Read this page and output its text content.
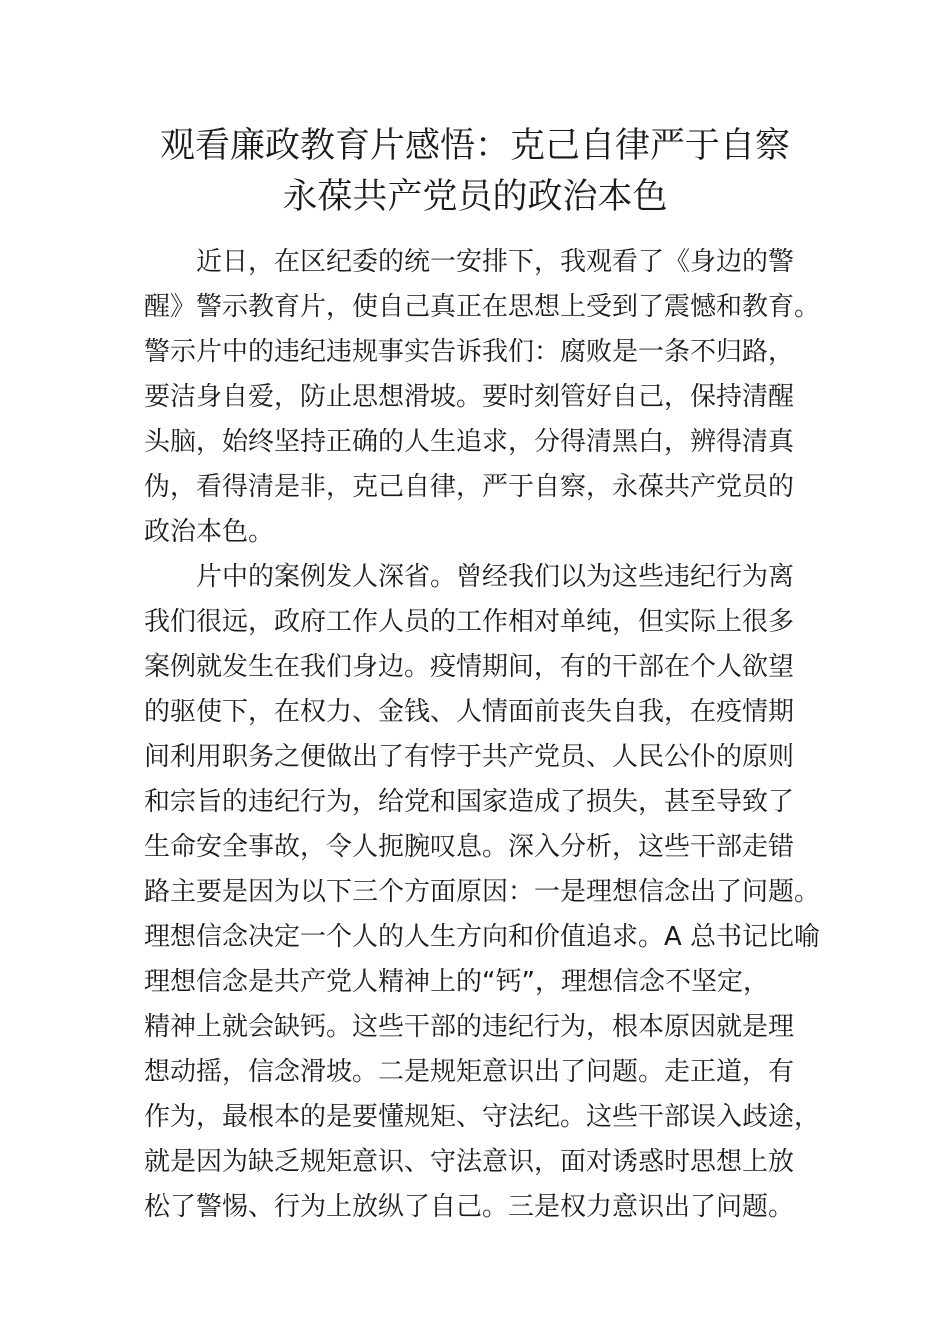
观看廉政教育片感悟：克己自律严于自察
永葆共产党员的政治本色
近日，在区纪委的统一安排下，我观看了《身边的警
醒》警示教育片，使自己真正在思想上受到了震憾和教育。
警示片中的违纪违规事实告诉我们：腐败是一条不归路，
要洁身自爱，防止思想滑坡。要时刻管好自己，保持清醒
头脑，始终坚持正确的人生追求，分得清黑白，辨得清真
伪，看得清是非，克己自律，严于自察，永葆共产党员的
政治本色。
片中的案例发人深省。曾经我们以为这些违纪行为离
我们很远，政府工作人员的工作相对单纯，但实际上很多
案例就发生在我们身边。疫情期间，有的干部在个人欲望
的驱使下，在权力、金钱、人情面前丧失自我，在疫情期
间利用职务之便做出了有悖于共产党员、人民公仆的原则
和宗旨的违纪行为，给党和国家造成了损失，甚至导致了
生命安全事故，令人扼腕叹息。深入分析，这些干部走错
路主要是因为以下三个方面原因：一是理想信念出了问题。
理想信念决定一个人的人生方向和价值追求。A 总书记比喻
理想信念是共产党人精神上的“钙”，理想信念不坚定，
精神上就会缺钙。这些干部的违纪行为，根本原因就是理
想动摇，信念滑坡。二是规矩意识出了问题。走正道，有
作为，最根本的是要懂规矩、守法纪。这些干部误入歧途，
就是因为缺乏规矩意识、守法意识，面对诱惑时思想上放
松了警惕、行为上放纵了自己。三是权力意识出了问题。
